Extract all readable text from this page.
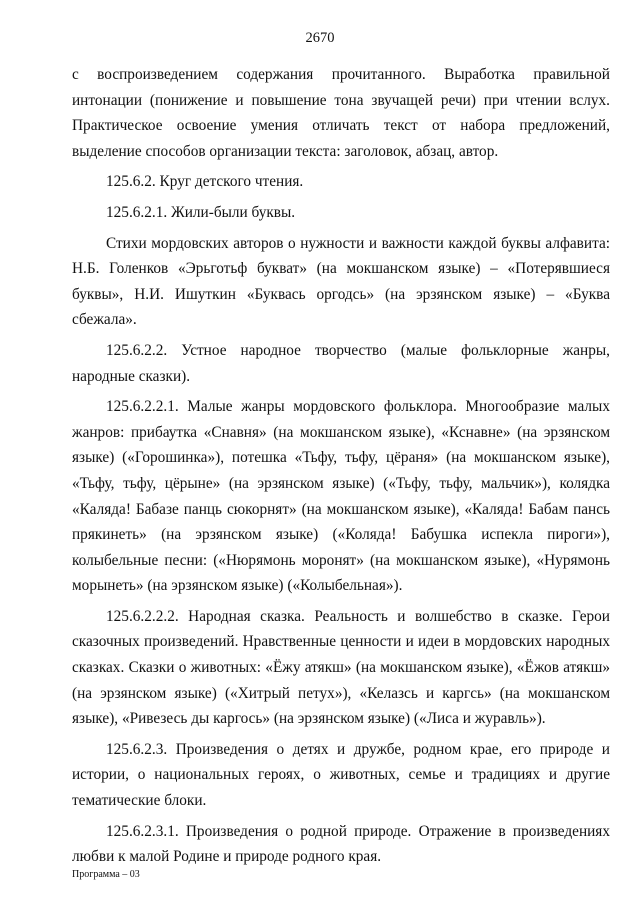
2670

с воспроизведением содержания прочитанного. Выработка правильной интонации (понижение и повышение тона звучащей речи) при чтении вслух. Практическое освоение умения отличать текст от набора предложений, выделение способов организации текста: заголовок, абзац, автор.

125.6.2. Круг детского чтения.

125.6.2.1. Жили-были буквы.

Стихи мордовских авторов о нужности и важности каждой буквы алфавита: Н.Б. Голенков «Эрьготьф букват» (на мокшанском языке) – «Потерявшиеся буквы», Н.И. Ишуткин «Буквась оргодсь» (на эрзянском языке) – «Буква сбежала».

125.6.2.2. Устное народное творчество (малые фольклорные жанры, народные сказки).

125.6.2.2.1. Малые жанры мордовского фольклора. Многообразие малых жанров: прибаутка «Снавня» (на мокшанском языке), «Кснавне» (на эрзянском языке) («Горошинка»), потешка «Тьфу, тьфу, цёраня» (на мокшанском языке), «Тьфу, тьфу, цёрыне» (на эрзянском языке) («Тьфу, тьфу, мальчик»), колядка «Каляда! Бабазе панць сюкорнят» (на мокшанском языке), «Каляда! Бабам пансь прякинеть» (на эрзянском языке) («Коляда! Бабушка испекла пироги»), колыбельные песни: («Нюрямонь моронят» (на мокшанском языке), «Нурямонь морынеть» (на эрзянском языке) («Колыбельная»).

125.6.2.2.2. Народная сказка. Реальность и волшебство в сказке. Герои сказочных произведений. Нравственные ценности и идеи в мордовских народных сказках. Сказки о животных: «Ёжу атякш» (на мокшанском языке), «Ёжов атякш» (на эрзянском языке) («Хитрый петух»), «Келазсь и каргсь» (на мокшанском языке), «Ривезесь ды каргось» (на эрзянском языке) («Лиса и журавль»).

125.6.2.3. Произведения о детях и дружбе, родном крае, его природе и истории, о национальных героях, о животных, семье и традициях и другие тематические блоки.

125.6.2.3.1. Произведения о родной природе. Отражение в произведениях любви к малой Родине и природе родного края.

Программа – 03
